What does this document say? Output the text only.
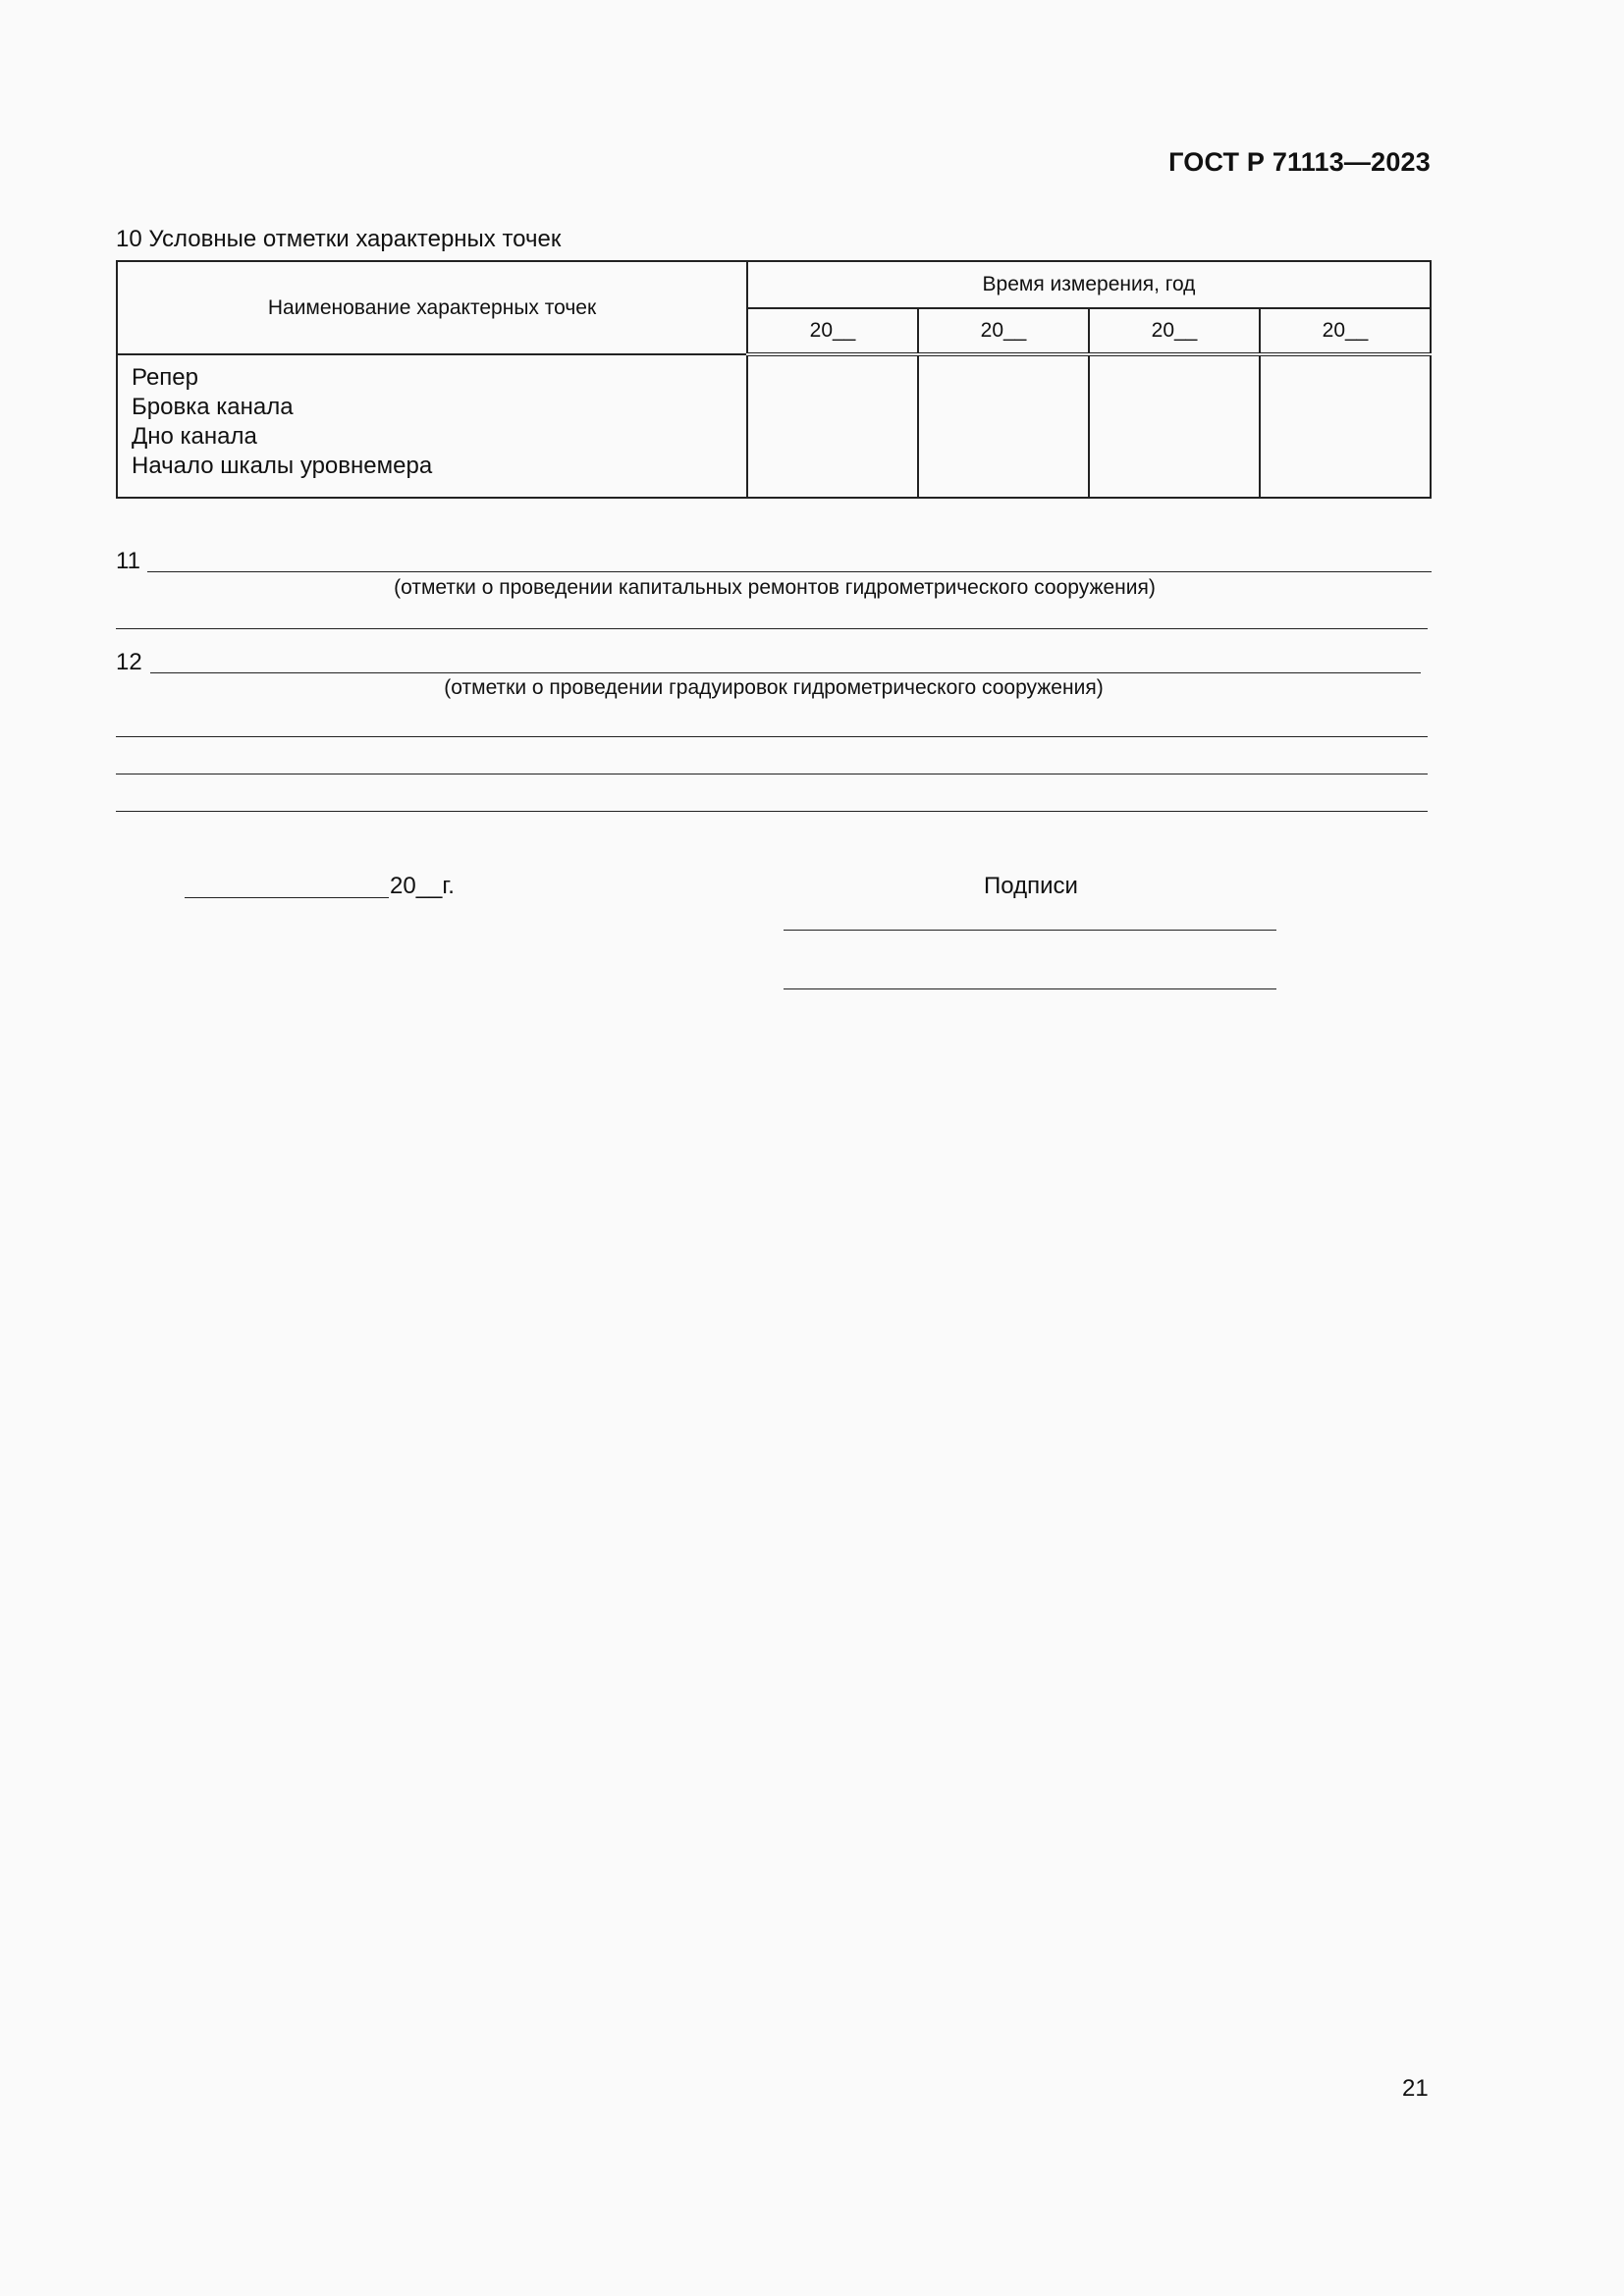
ГОСТ Р 71113—2023
10 Условные отметки характерных точек
Наименование характерных точек	Время измерения, год			
	20__	20__	20__	20__

Репер
Бровка канала
Дно канала
Начало шкалы уровнемера				

11
(отметки о проведении капитальных ремонтов гидрометрического сооружения)
12
(отметки о проведении градуировок гидрометрического сооружения)
20__г.	Подписи
21
